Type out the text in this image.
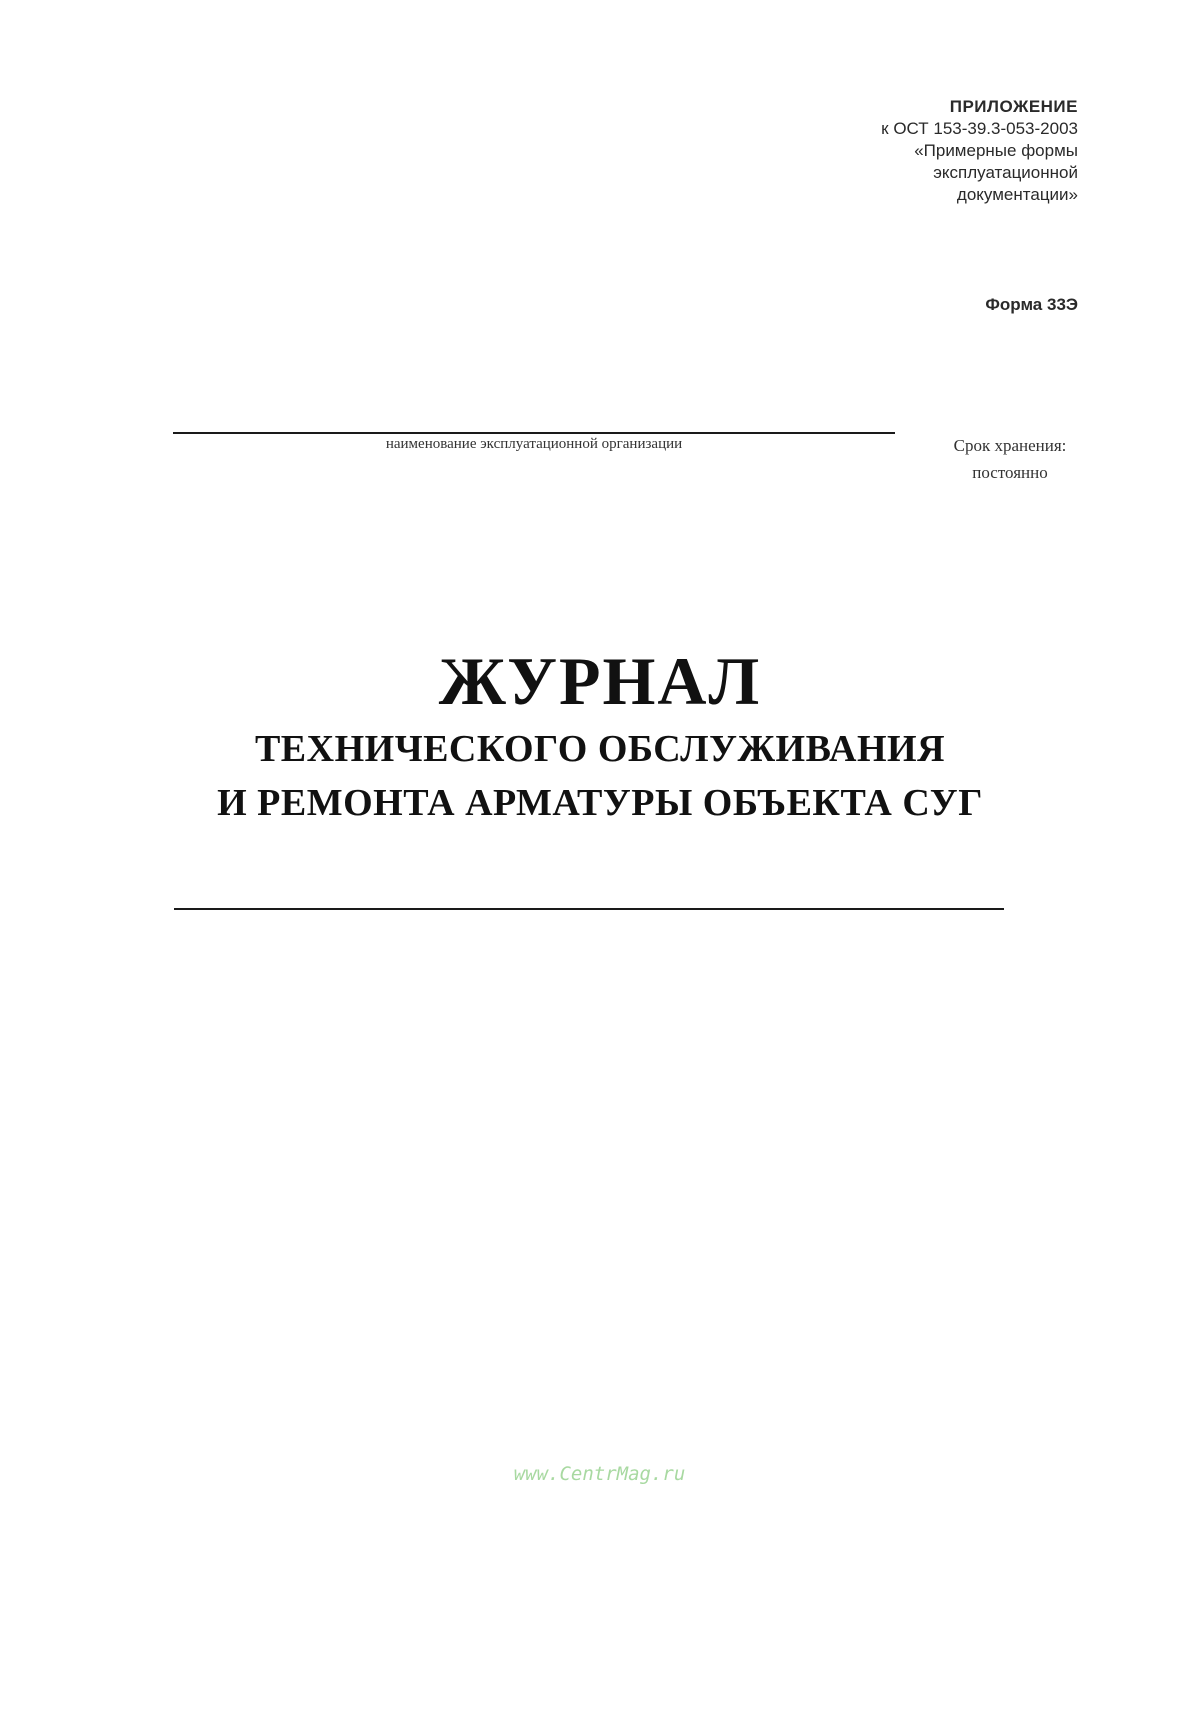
ПРИЛОЖЕНИЕ
к ОСТ 153-39.3-053-2003
«Примерные формы
эксплуатационной
документации»
Форма 33Э
наименование эксплуатационной организации	Срок хранения:
постоянно
ЖУРНАЛ
ТЕХНИЧЕСКОГО ОБСЛУЖИВАНИЯ
И РЕМОНТА АРМАТУРЫ ОБЪЕКТА СУГ
www.CentrMag.ru
